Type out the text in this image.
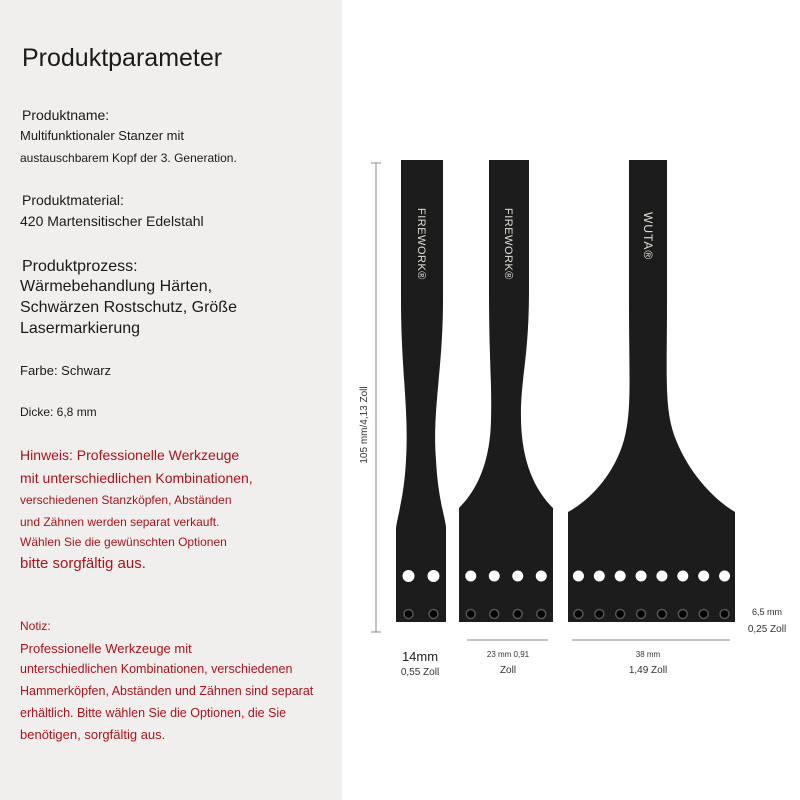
Produktparameter
Produktname:
Multifunktionaler Stanzer mit
austauschbarem Kopf der 3. Generation.
Produktmaterial:
420 Martensitischer Edelstahl
Produktprozess:
Wärmebehandlung Härten,
Schwärzen Rostschutz, Größe
Lasermarkierung
Farbe: Schwarz
Dicke: 6,8 mm
Hinweis: Professionelle Werkzeuge
mit unterschiedlichen Kombinationen,
verschiedenen Stanzköpfen, Abständen
und Zähnen werden separat verkauft.
Wählen Sie die gewünschten Optionen
bitte sorgfältig aus.
Notiz:
Professionelle Werkzeuge mit
unterschiedlichen Kombinationen, verschiedenen
Hammerköpfen, Abständen und Zähnen sind separat
erhältlich. Bitte wählen Sie die Optionen, die Sie
benötigen, sorgfältig aus.
FIREWORK®	FIREWORK®	WUTA®
105 mm/4,13 Zoll
14mm
0,55 Zoll
23 mm 0,91
Zoll
38 mm
1,49 Zoll
6,5 mm
0,25 Zoll
